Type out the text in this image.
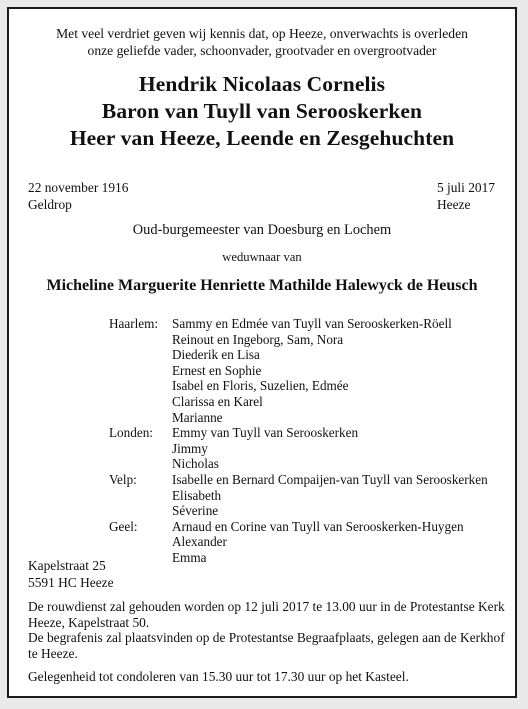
Met veel verdriet geven wij kennis dat, op Heeze, onverwachts is overleden
onze geliefde vader, schoonvader, grootvader en overgrootvader
Hendrik Nicolaas Cornelis
Baron van Tuyll van Serooskerken
Heer van Heeze, Leende en Zesgehuchten
22 november 1916
Geldrop
5 juli 2017
Heeze
Oud-burgemeester van Doesburg en Lochem
weduwnaar van
Micheline Marguerite Henriette Mathilde Halewyck de Heusch
Haarlem:	Sammy en Edmée van Tuyll van Serooskerken-Röell
Reinout en Ingeborg, Sam, Nora
Diederik en Lisa
Ernest en Sophie
Isabel en Floris, Suzelien, Edmée
Clarissa en Karel
Marianne
Londen:	Emmy van Tuyll van Serooskerken
Jimmy
Nicholas
Velp:	Isabelle en Bernard Compaijen-van Tuyll van Serooskerken
Elisabeth
Séverine
Geel:	Arnaud en Corine van Tuyll van Serooskerken-Huygen
Alexander
Emma
Kapelstraat 25
5591 HC Heeze

De rouwdienst zal gehouden worden op 12 juli 2017 te 13.00 uur in de Protestantse Kerk Heeze, Kapelstraat 50.

De begrafenis zal plaatsvinden op de Protestantse Begraafplaats, gelegen aan de Kerkhof te Heeze.

Gelegenheid tot condoleren van 15.30 uur tot 17.30 uur op het Kasteel.
